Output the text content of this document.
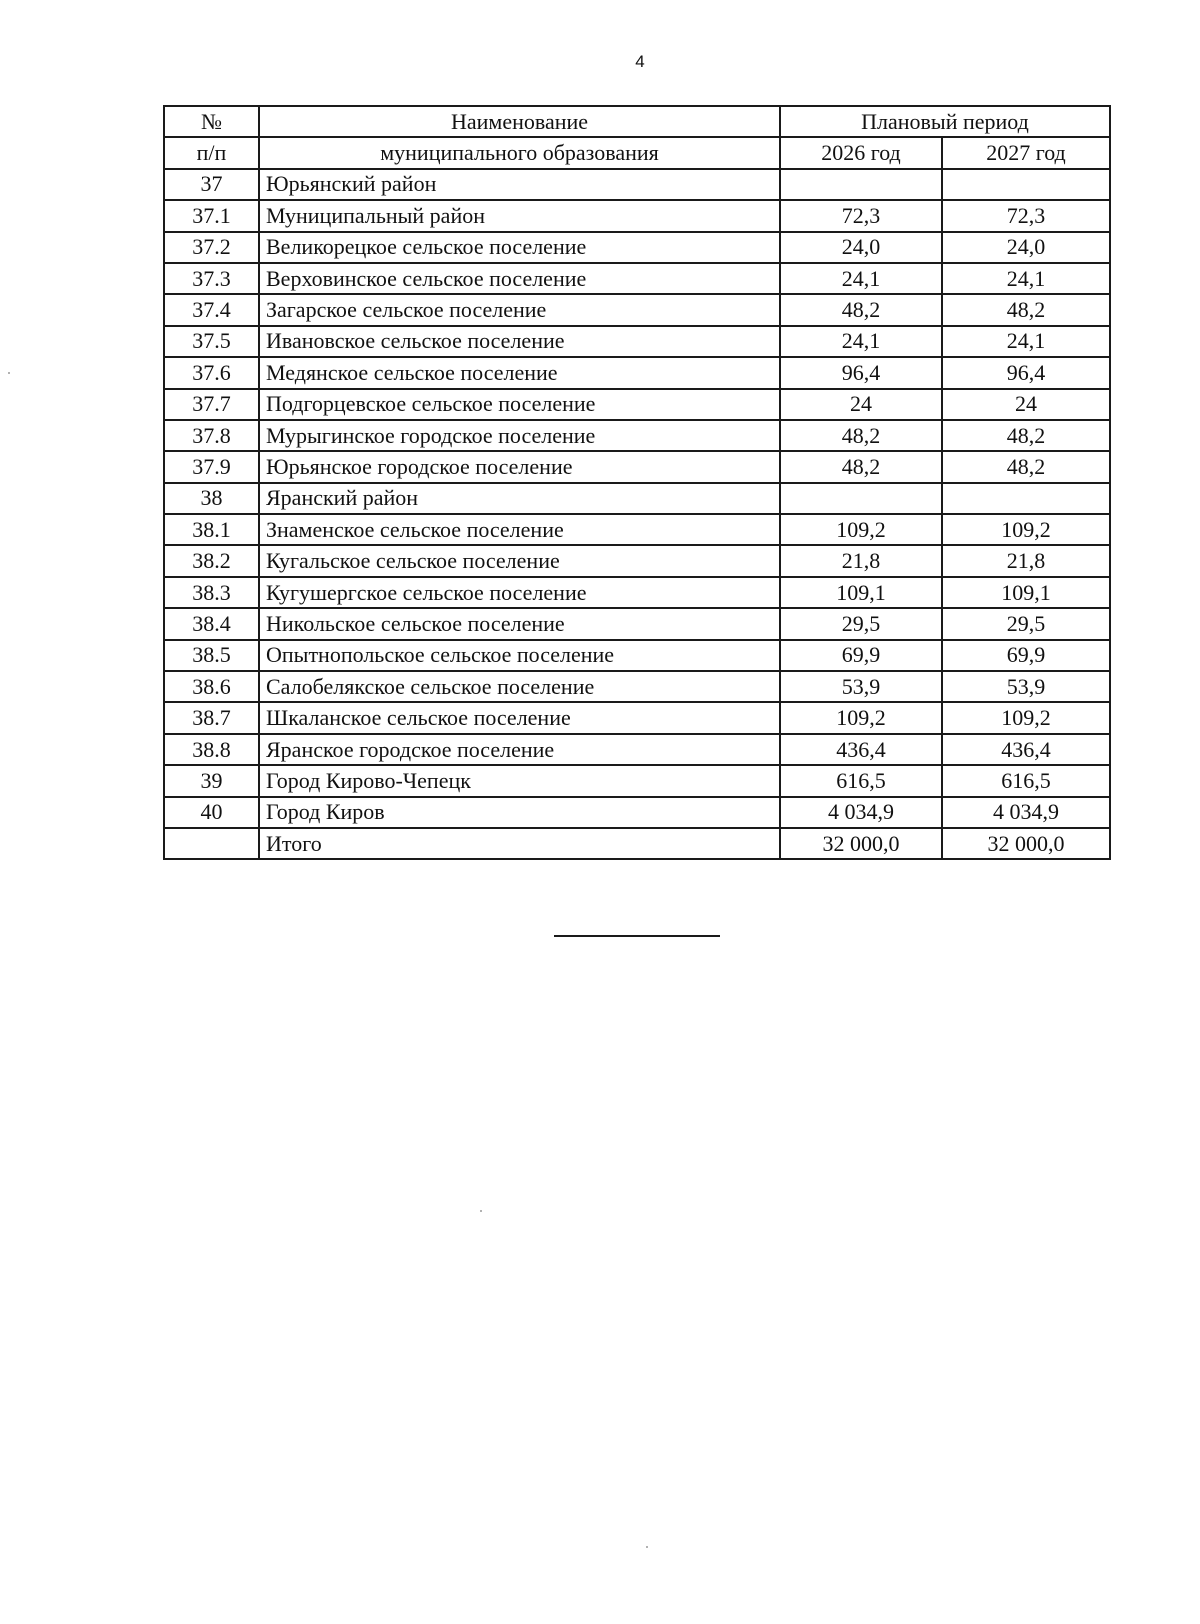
4
№	Наименование	Плановый период	
п/п	муниципального образования	2026 год	2027 год
37	Юрьянский район		
37.1	Муниципальный район	72,3	72,3
37.2	Великорецкое сельское поселение	24,0	24,0
37.3	Верховинское сельское поселение	24,1	24,1
37.4	Загарское сельское поселение	48,2	48,2
37.5	Ивановское сельское поселение	24,1	24,1
37.6	Медянское сельское поселение	96,4	96,4
37.7	Подгорцевское сельское поселение	24	24
37.8	Мурыгинское городское поселение	48,2	48,2
37.9	Юрьянское городское поселение	48,2	48,2
38	Яранский район		
38.1	Знаменское сельское поселение	109,2	109,2
38.2	Кугальское сельское поселение	21,8	21,8
38.3	Кугушергское сельское поселение	109,1	109,1
38.4	Никольское сельское поселение	29,5	29,5
38.5	Опытнопольское сельское поселение	69,9	69,9
38.6	Салобелякское сельское поселение	53,9	53,9
38.7	Шкаланское сельское поселение	109,2	109,2
38.8	Яранское городское поселение	436,4	436,4
39	Город Кирово-Чепецк	616,5	616,5
40	Город Киров	4 034,9	4 034,9
	Итого	32 000,0	32 000,0
